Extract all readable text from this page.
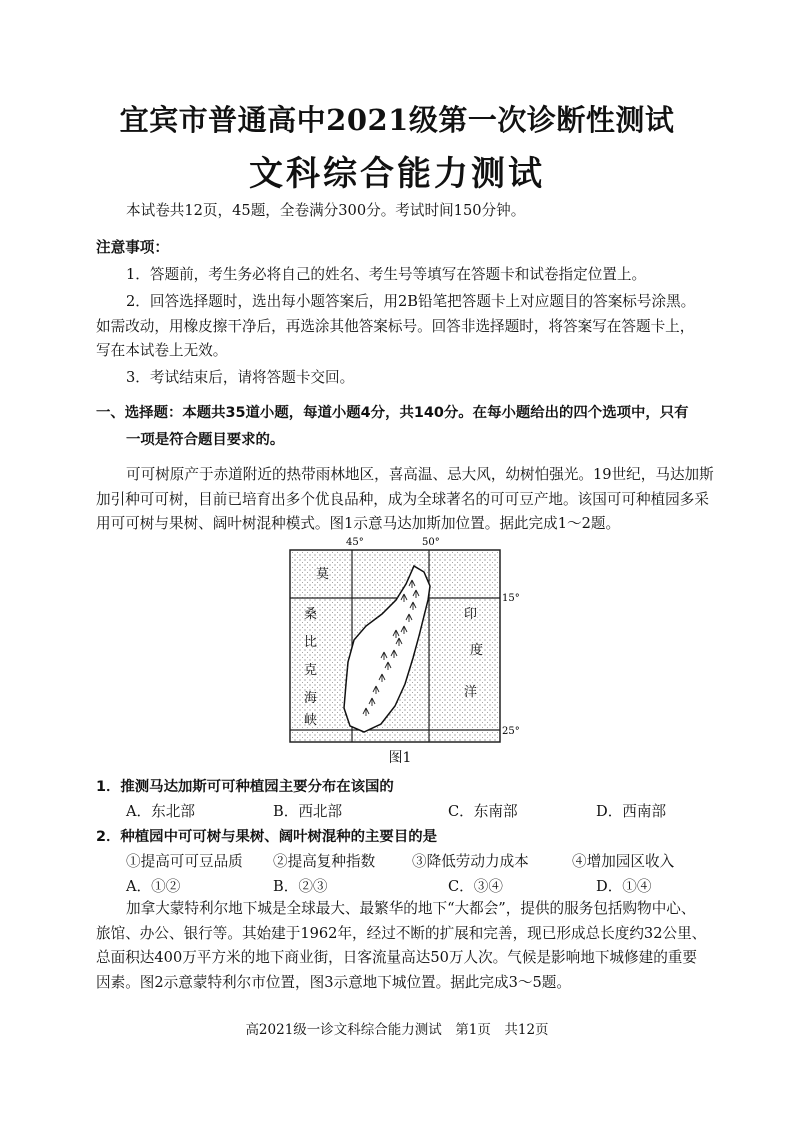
宜宾市普通高中2021级第一次诊断性测试
文科综合能力测试
本试卷共12页，45题，全卷满分300分。考试时间150分钟。
注意事项：
1．答题前，考生务必将自己的姓名、考生号等填写在答题卡和试卷指定位置上。
2．回答选择题时，选出每小题答案后，用2B铅笔把答题卡上对应题目的答案标号涂黑。
如需改动，用橡皮擦干净后，再选涂其他答案标号。回答非选择题时，将答案写在答题卡上，
写在本试卷上无效。
3．考试结束后，请将答题卡交回。
一、选择题：本题共35道小题，每道小题4分，共140分。在每小题给出的四个选项中，只有
一项是符合题目要求的。
可可树原产于赤道附近的热带雨林地区，喜高温、忌大风，幼树怕强光。19世纪，马达加斯
加引种可可树，目前已培育出多个优良品种，成为全球著名的可可豆产地。该国可可种植园多采
用可可树与果树、阔叶树混种模式。图1示意马达加斯加位置。据此完成1～2题。
45°	50°
15°
25°
莫
桑
比
克
海
峡
印
度
洋
图1
1．推测马达加斯可可种植园主要分布在该国的
A．东北部	B．西北部	C．东南部	D．西南部
2．种植园中可可树与果树、阔叶树混种的主要目的是
①提高可可豆品质 ②提高复种指数	③降低劳动力成本	④增加园区收入
A．①②	B．②③	C．③④	D．①④
加拿大蒙特利尔地下城是全球最大、最繁华的地下“大都会”，提供的服务包括购物中心、
旅馆、办公、银行等。其始建于1962年，经过不断的扩展和完善，现已形成总长度约32公里、
总面积达400万平方米的地下商业街，日客流量高达50万人次。气候是影响地下城修建的重要
因素。图2示意蒙特利尔市位置，图3示意地下城位置。据此完成3～5题。
高2021级一诊文科综合能力测试　第1页　共12页
